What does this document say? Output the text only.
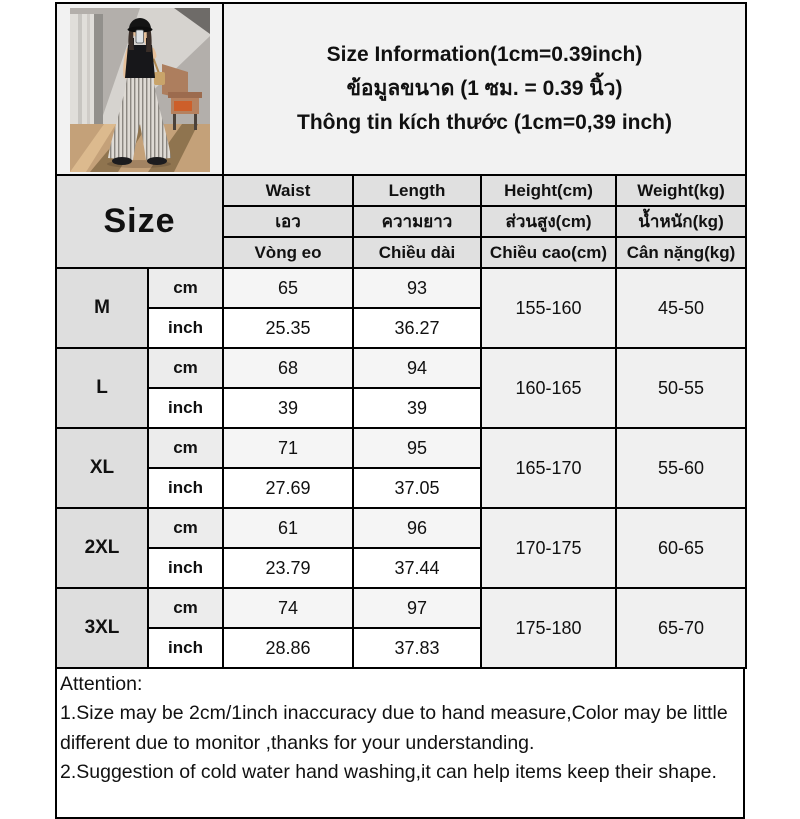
Size Information(1cm=0.39inch)
ข้อมูลขนาด (1 ซม. = 0.39 นิ้ว)
Thông tin kích thước (1cm=0,39 inch)			

Size		Waist	Length	Height(cm)	Weight(kg)
		เอว	ความยาว	ส่วนสูง(cm)	น้ำหนัก(kg)
		Vòng eo	Chiều dài	Chiều cao(cm)	Cân nặng(kg)
M	cm	65	93	155-160	45-50
	inch	25.35	36.27		
L	cm	68	94	160-165	50-55
	inch	39	39		
XL	cm	71	95	165-170	55-60
	inch	27.69	37.05		
2XL	cm	61	96	170-175	60-65
	inch	23.79	37.44		
3XL	cm	74	97	175-180	65-70
	inch	28.86	37.83		

Attention:

1.Size may be 2cm/1inch inaccuracy due to hand measure,Color may be little different due to monitor ,thanks for your understanding.

2.Suggestion of cold water hand washing,it can help items keep their shape.
